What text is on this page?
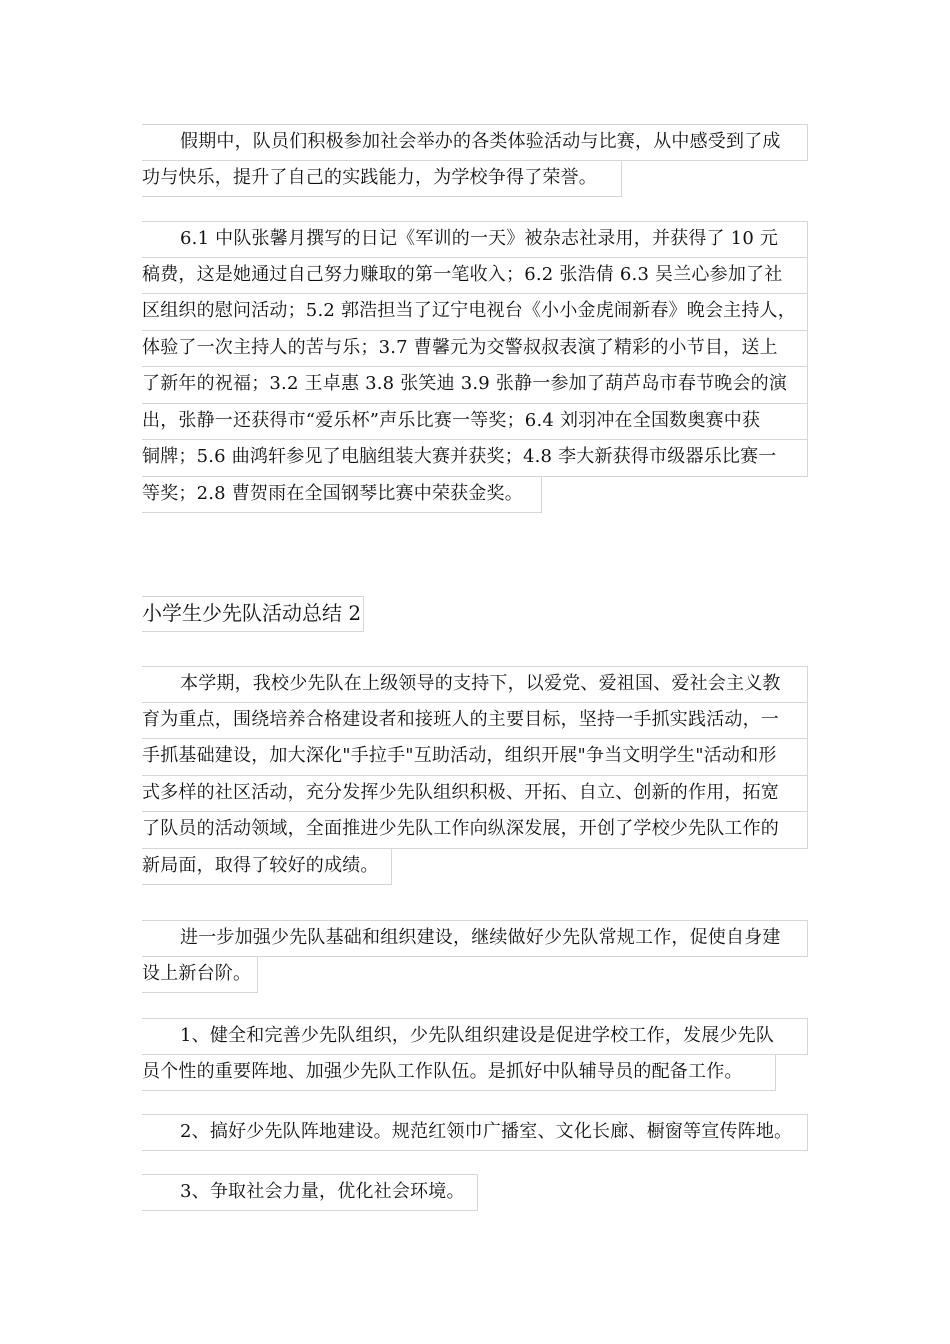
假期中，队员们积极参加社会举办的各类体验活动与比赛，从中感受到了成
功与快乐，提升了自己的实践能力，为学校争得了荣誉。
6.1 中队张馨月撰写的日记《军训的一天》被杂志社录用，并获得了 10 元
稿费，这是她通过自己努力赚取的第一笔收入；6.2 张浩倩 6.3 吴兰心参加了社
区组织的慰问活动；5.2 郭浩担当了辽宁电视台《小小金虎闹新春》晚会主持人，
体验了一次主持人的苦与乐；3.7 曹馨元为交警叔叔表演了精彩的小节目，送上
了新年的祝福；3.2 王卓惠 3.8 张笑迪 3.9 张静一参加了葫芦岛市春节晚会的演
出，张静一还获得市“爱乐杯”声乐比赛一等奖；6.4 刘羽冲在全国数奥赛中获
铜牌；5.6 曲鸿轩参见了电脑组装大赛并获奖；4.8 李大新获得市级器乐比赛一
等奖；2.8 曹贺雨在全国钢琴比赛中荣获金奖。
小学生少先队活动总结 2
本学期，我校少先队在上级领导的支持下，以爱党、爱祖国、爱社会主义教
育为重点，围绕培养合格建设者和接班人的主要目标，坚持一手抓实践活动，一
手抓基础建设，加大深化"手拉手"互助活动，组织开展"争当文明学生"活动和形
式多样的社区活动，充分发挥少先队组织积极、开拓、自立、创新的作用，拓宽
了队员的活动领域，全面推进少先队工作向纵深发展，开创了学校少先队工作的
新局面，取得了较好的成绩。
进一步加强少先队基础和组织建设，继续做好少先队常规工作，促使自身建
设上新台阶。
1、健全和完善少先队组织，少先队组织建设是促进学校工作，发展少先队
员个性的重要阵地、加强少先队工作队伍。是抓好中队辅导员的配备工作。
2、搞好少先队阵地建设。规范红领巾广播室、文化长廊、橱窗等宣传阵地。
3、争取社会力量，优化社会环境。
